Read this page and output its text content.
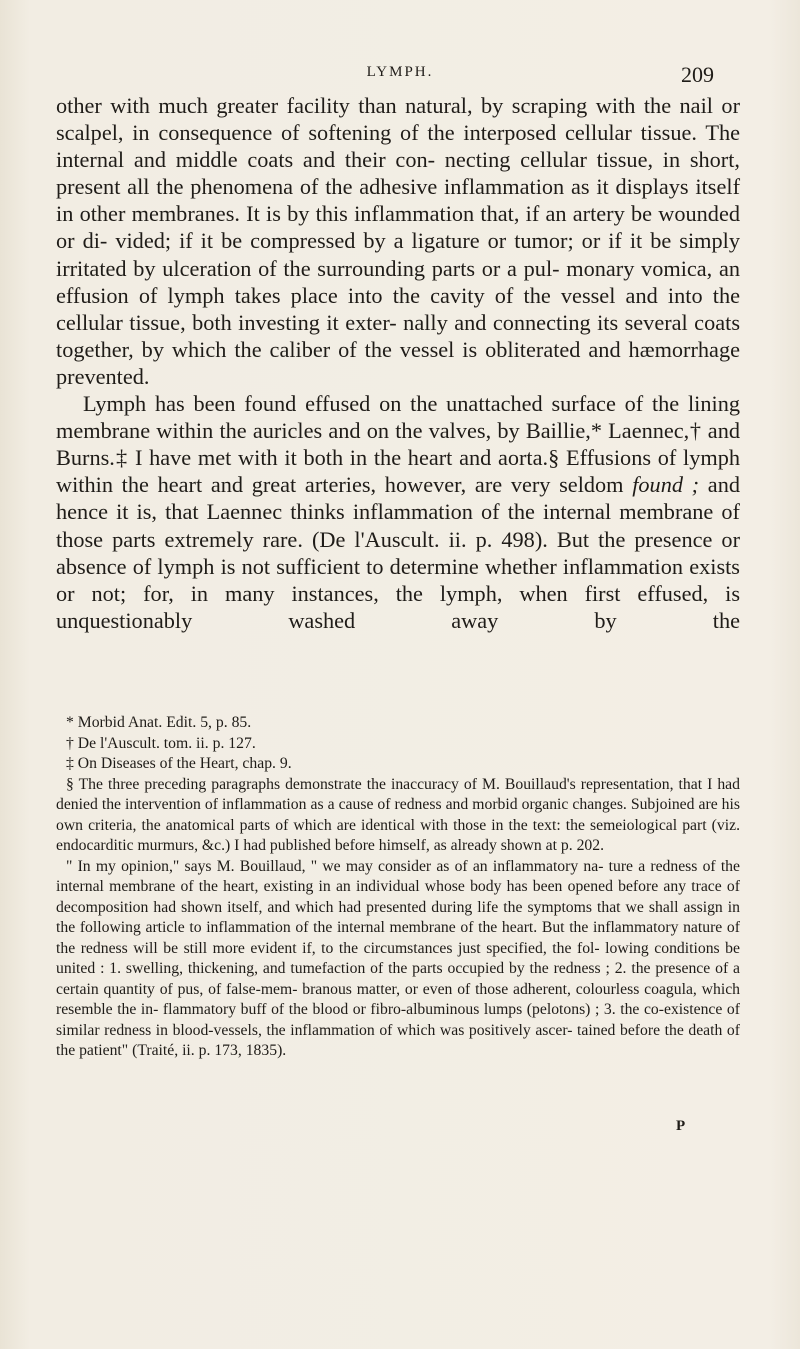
LYMPH.	209

other with much greater facility than natural, by scraping with the nail or scalpel, in consequence of softening of the interposed cellular tissue. The internal and middle coats and their con- necting cellular tissue, in short, present all the phenomena of the adhesive inflammation as it displays itself in other membranes. It is by this inflammation that, if an artery be wounded or di- vided; if it be compressed by a ligature or tumor; or if it be simply irritated by ulceration of the surrounding parts or a pul- monary vomica, an effusion of lymph takes place into the cavity of the vessel and into the cellular tissue, both investing it exter- nally and connecting its several coats together, by which the caliber of the vessel is obliterated and hæmorrhage prevented.

Lymph has been found effused on the unattached surface of the lining membrane within the auricles and on the valves, by Baillie,* Laennec,† and Burns.‡ I have met with it both in the heart and aorta.§ Effusions of lymph within the heart and great arteries, however, are very seldom found ; and hence it is, that Laennec thinks inflammation of the internal membrane of those parts extremely rare. (De l'Auscult. ii. p. 498). But the presence or absence of lymph is not sufficient to determine whether inflammation exists or not; for, in many instances, the lymph, when first effused, is unquestionably washed away by the

* Morbid Anat. Edit. 5, p. 85.

† De l'Auscult. tom. ii. p. 127.

‡ On Diseases of the Heart, chap. 9.

§ The three preceding paragraphs demonstrate the inaccuracy of M. Bouillaud's representation, that I had denied the intervention of inflammation as a cause of redness and morbid organic changes. Subjoined are his own criteria, the anatomical parts of which are identical with those in the text: the semeiological part (viz. endocarditic murmurs, &c.) I had published before himself, as already shown at p. 202.

" In my opinion," says M. Bouillaud, " we may consider as of an inflammatory na- ture a redness of the internal membrane of the heart, existing in an individual whose body has been opened before any trace of decomposition had shown itself, and which had presented during life the symptoms that we shall assign in the following article to inflammation of the internal membrane of the heart. But the inflammatory nature of the redness will be still more evident if, to the circumstances just specified, the fol- lowing conditions be united : 1. swelling, thickening, and tumefaction of the parts occupied by the redness ; 2. the presence of a certain quantity of pus, of false-mem- branous matter, or even of those adherent, colourless coagula, which resemble the in- flammatory buff of the blood or fibro-albuminous lumps (pelotons) ; 3. the co-existence of similar redness in blood-vessels, the inflammation of which was positively ascer- tained before the death of the patient" (Traité, ii. p. 173, 1835).

P
